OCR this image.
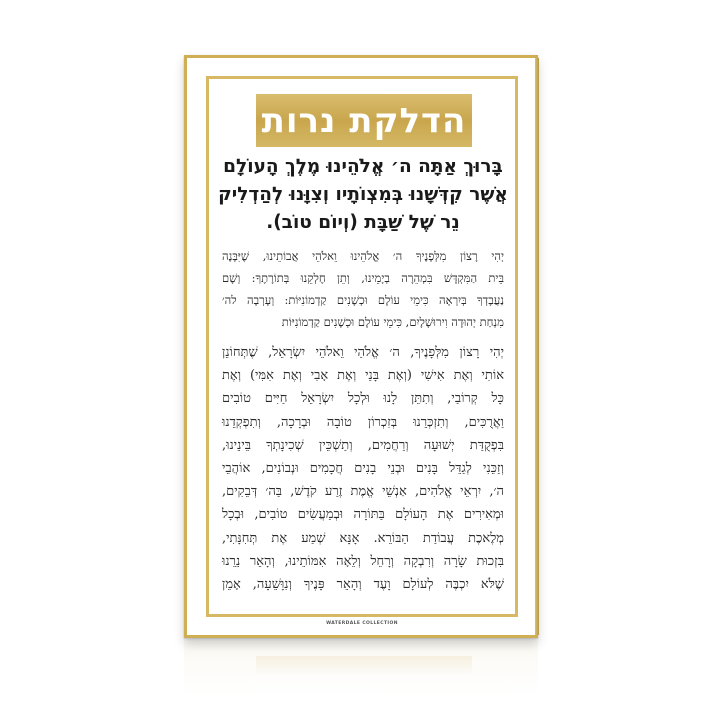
הדלקת נרות
בָּרוּךְ אַתָּה ה׳ אֱלֹהֵינוּ מֶלֶךְ הָעוֹלָם
אֲשֶׁר קִדְּשָׁנוּ בְּמִצְוֹתָיו וְצִוָּנוּ לְהַדְלִיק
נֵר שֶׁל שַׁבָּת (וְיוֹם טוֹב).
יְהִי רָצוֹן מִלְּפָנֶיךָ ה׳ אֱלֹהֵינוּ וֵאלֹהֵי אֲבוֹתֵינוּ, שֶׁיִּבָּנֶה
בֵּית הַמִּקְדָּשׁ בִּמְהֵרָה בְיָמֵינוּ, וְתֵן חֶלְקֵנוּ בְּתוֹרָתֶךָ: וְשָׁם
נַעֲבָדְךָ בְּיִרְאָה כִּימֵי עוֹלָם וּכְשָׁנִים קַדְמוֹנִיּוֹת: וְעָרְבָה לה׳
מִנְחַת יְהוּדָה וִירוּשָׁלָיִם, כִּימֵי עוֹלָם וּכְשָׁנִים קַדְמוֹנִיּוֹת
יְהִי רָצוֹן מִלְּפָנֶיךָ, ה׳ אֱלֹהַי וֵאלֹהֵי יִשְׂרָאֵל, שֶׁתְּחוֹנֵן
אוֹתִי וְאֶת אִישִׁי (וְאֶת בָּנַי וְאֶת אָבִי וְאֶת אִמִּי) וְאֶת
כָּל קְרוֹבַי, וְתִתֵּן לָנוּ וּלְכָל יִשְׂרָאֵל חַיִּים טוֹבִים
וַאֲרֻכִּים, וְתִזְכְּרֵנוּ בְּזִכְרוֹן טוֹבָה וּבְרָכָה, וְתִפְקְדֵנוּ
בִּפְקֻדַּת יְשׁוּעָה וְרַחֲמִים, וְתַשְׁכֵּין שְׁכִינָתְךָ בֵּינֵינוּ,
וְזַכֵּנִי לְגַדֵּל בָּנִים וּבְנֵי בָנִים חֲכָמִים וּנְבוֹנִים, אוֹהֲבֵי
ה׳, יִרְאֵי אֱלֹהִים, אַנְשֵׁי אֱמֶת זֶרַע קֹדֶשׁ, בַּה׳ דְּבֵקִים,
וּמְאִירִים אֶת הָעוֹלָם בַּתּוֹרָה וּבְמַעֲשִׂים טוֹבִים, וּבְכָל
מְלֶאכֶת עֲבוֹדַת הַבּוֹרֵא. אָנָּא שְׁמַע אֶת תְּחִנָּתִי,
בִּזְכוּת שָׂרָה וְרִבְקָה וְרָחֵל וְלֵאָה אִמּוֹתֵינוּ, וְהָאֵר נֵרֵנוּ
שֶׁלֹּא יִכְבֶּה לְעוֹלָם וָעֶד וְהָאֵר פָּנֶיךָ וְנִוָּשֵׁעָה, אָמֵן
WATERDALE COLLECTION
